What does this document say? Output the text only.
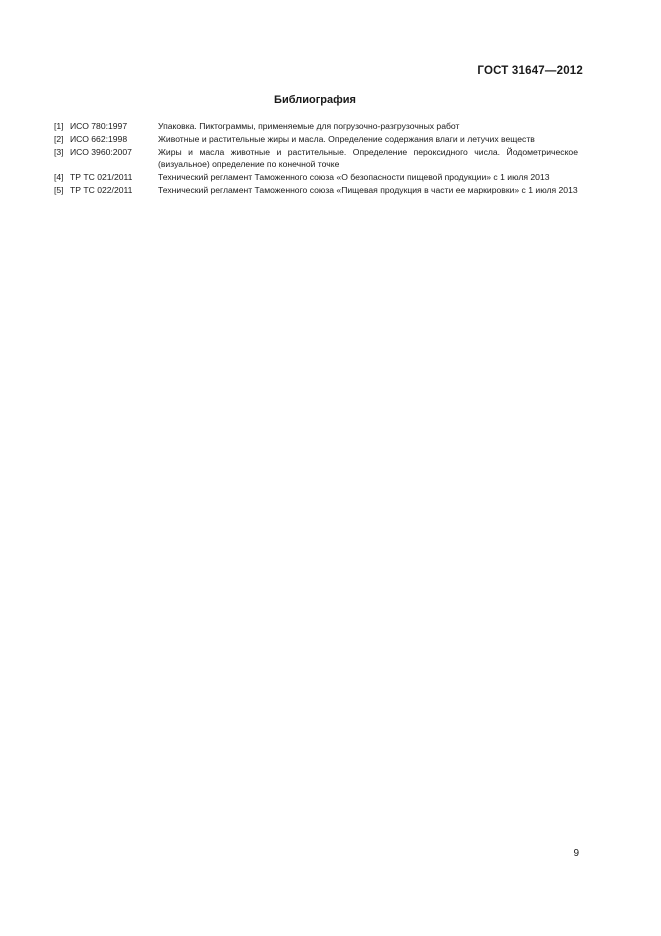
ГОСТ 31647—2012
Библиография
[1] ИСО 780:1997	Упаковка. Пиктограммы, применяемые для погрузочно-разгрузочных работ
[2] ИСО 662:1998	Животные и растительные жиры и масла. Определение содержания влаги и летучих веществ
[3] ИСО 3960:2007	Жиры и масла животные и растительные. Определение пероксидного числа. Йодометрическое (визуальное) определение по конечной точке
[4] ТР ТС 021/2011	Технический регламент Таможенного союза «О безопасности пищевой продукции» с 1 июля 2013
[5] ТР ТС 022/2011	Технический регламент Таможенного союза «Пищевая продукция в части ее маркировки» с 1 июля 2013
9
